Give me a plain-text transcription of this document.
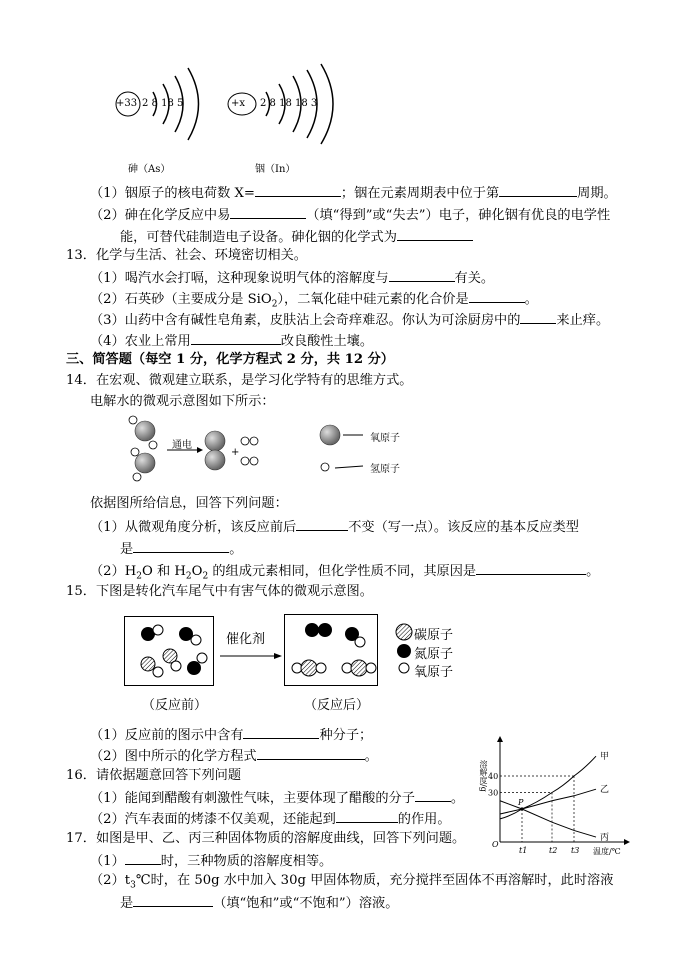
+33 2 8 18 5
砷（As）
+x 2 8 18 18 3
铟（In）
（1）铟原子的核电荷数 X=	；铟在元素周期表中位于第	周期。
（2）砷在化学反应中易	（填“得到”或“失去”）电子，砷化铟有优良的电学性
能，可替代硅制造电子设备。砷化铟的化学式为
13．化学与生活、社会、环境密切相关。
（1）喝汽水会打嗝，这种现象说明气体的溶解度与	有关。
（2）石英砂（主要成分是 SiO$_2$），二氧化硅中硅元素的化合价是	。
（3）山药中含有碱性皂角素，皮肤沾上会奇痒难忍。你认为可涂厨房中的	来止痒。
（4）农业上常用	改良酸性土壤。
三、简答题（每空 1 分，化学方程式 2 分，共 12 分）
14．在宏观、微观建立联系，是学习化学特有的思维方式。
电解水的微观示意图如下所示：
通电
+
氧原子
氢原子
依据图所给信息，回答下列问题：
（1）从微观角度分析，该反应前后	不变（写一点）。该反应的基本反应类型
是	。
$(2)H_2O$ 和 $H_2O_2$ 的组成元素相同，但化学性质不同，其原因是	。
15．下图是转化汽车尾气中有害气体的微观示意图。
催化剂	碳原子
氮原子
氧原子
（反应前）	（反应后）
（1）反应前的图示中含有	种分子；
（2）图中所示的化学方程式	。
16．请依据题意回答下列问题
（1）能闻到醋酸有刺激性气味，主要体现了醋酸的分子	。
（2）汽车表面的烤漆不仅美观，还能起到	的作用。
17．如图是甲、乙、丙三种固体物质的溶解度曲线，回答下列问题。
（1）	时，三种物质的溶解度相等。
$(2)t_3℃$时，在 50g 水中加入 30g 甲固体物质，充分搅拌至固体不再溶解时，此时溶液
是	（填“饱和”或“不饱和”）溶液。
30
40
t1	t2 t3
甲
乙
丙
P
溶解度/g
温度/℃
O
